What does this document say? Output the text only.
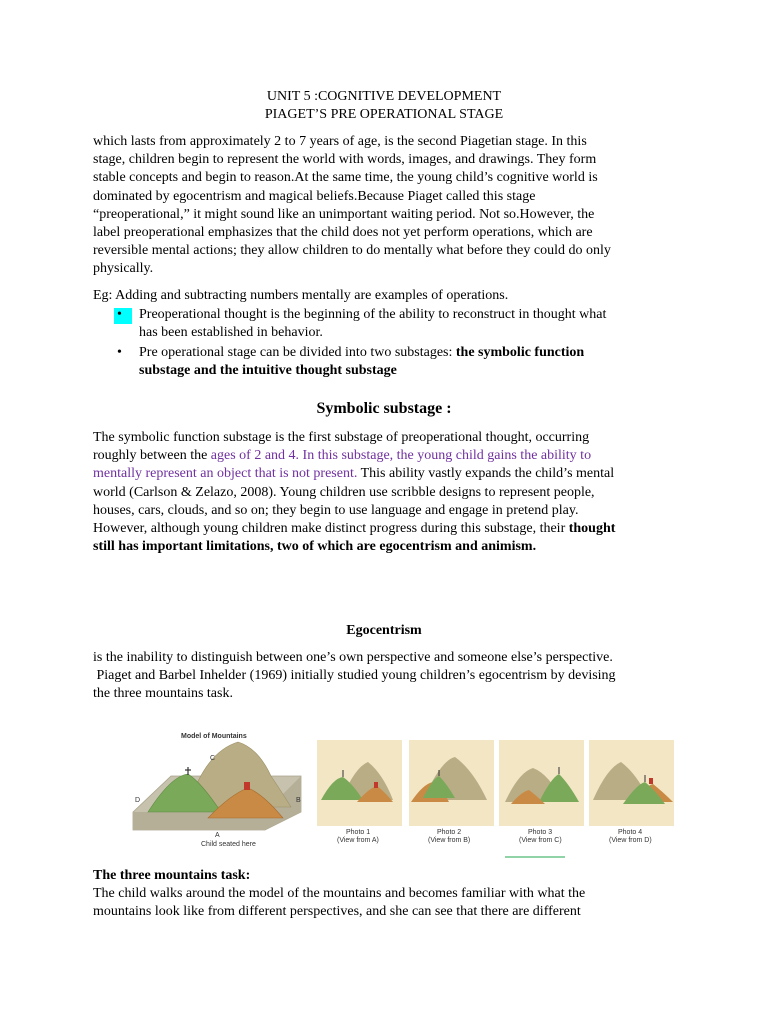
UNIT 5 :COGNITIVE DEVELOPMENT
PIAGET’S PRE OPERATIONAL STAGE
which lasts from approximately 2 to 7 years of age, is the second Piagetian stage. In this
stage, children begin to represent the world with words, images, and drawings. They form
stable concepts and begin to reason.At the same time, the young child’s cognitive world is
dominated by egocentrism and magical beliefs.Because Piaget called this stage
“preoperational,” it might sound like an unimportant waiting period. Not so.However, the
label preoperational emphasizes that the child does not yet perform operations, which are
reversible mental actions; they allow children to do mentally what before they could do only
physically.
Eg: Adding and subtracting numbers mentally are examples of operations.
• Preoperational thought is the beginning of the ability to reconstruct in thought what
has been established in behavior.
• Pre operational stage can be divided into two substages: the symbolic function
substage and the intuitive thought substage
Symbolic substage :
The symbolic function substage is the first substage of preoperational thought, occurring
roughly between the ages of 2 and 4. In this substage, the young child gains the ability to
mentally represent an object that is not present. This ability vastly expands the child’s mental
world (Carlson & Zelazo, 2008). Young children use scribble designs to represent people,
houses, cars, clouds, and so on; they begin to use language and engage in pretend play.
However, although young children make distinct progress during this substage, their thought
still has important limitations, two of which are egocentrism and animism.
Egocentrism
is the inability to distinguish between one’s own perspective and someone else’s perspective.
Piaget and Barbel Inhelder (1969) initially studied young children’s egocentrism by devising
the three mountains task.
Model of Mountains
C
D	B
A
Child seated here
Photo 1
(View from A)
Photo 2
(View from B)
Photo 3
(View from C)
Photo 4
(View from D)
The three mountains task:
The child walks around the model of the mountains and becomes familiar with what the
mountains look like from different perspectives, and she can see that there are different
